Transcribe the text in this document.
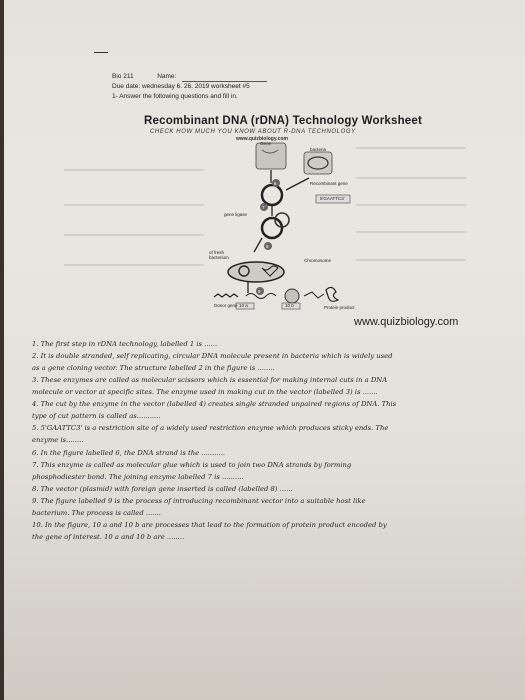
Bio 211	Name:
Due date: wednesday 6. 26. 2019 worksheet #5
1- Answer the following questions and fill in.
Recombinant DNA (rDNA) Technology Worksheet
CHECK HOW MUCH YOU KNOW ABOUT R-DNA TECHNOLOGY
www.quizbiology.com
Gene
bacteria
Recombinant gene
5'GAATTC3'
6
7
8
9
gene ligase
of fresh bacterium
Chromosome
Donor gene 10 a	10 b	Protein product
www.quizbiology.com
1. The first step in rDNA technology, labelled 1 is ......
2. It is double stranded, self replicating, circular DNA molecule present in bacteria which is widely used
as a gene cloning vector. The structure labelled 2 in the figure is ........
3. These enzymes are called as molecular scissors which is essential for making internal cuts in a DNA
molecule or vector at specific sites. The enzyme used in making cut in the vector (labelled 3) is .......
4. The cut by the enzyme in the vector (labelled 4) creates single stranded unpaired regions of DNA. This
type of cut pattern is called as...........
5. 5'GAATTC3' is a restriction site of a widely used restriction enzyme which produces sticky ends. The
enzyme is........
6. In the figure labelled 6, the DNA strand is the ...........
7. This enzyme is called as molecular glue which is used to join two DNA strands by forming
phosphodiester bond. The joining enzyme labelled 7 is ..........
8. The vector (plasmid) with foreign gene inserted is called (labelled 8) ......
9. The figure labelled 9 is the process of introducing recombinant vector into a suitable host like
bacterium. The process is called .......
10. In the figure, 10 a and 10 b are processes that lead to the formation of protein product encoded by
the gene of interest. 10 a and 10 b are ........
